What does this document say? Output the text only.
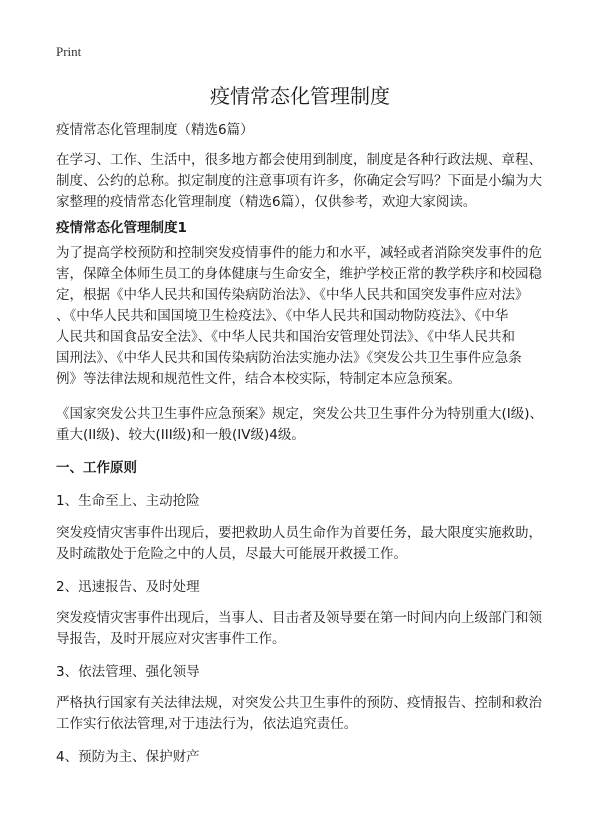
Print
疫情常态化管理制度
疫情常态化管理制度（精选6篇）
在学习、工作、生活中，很多地方都会使用到制度，制度是各种行政法规、章程、
制度、公约的总称。拟定制度的注意事项有许多，你确定会写吗？下面是小编为大
家整理的疫情常态化管理制度（精选6篇），仅供参考，欢迎大家阅读。
疫情常态化管理制度1
为了提高学校预防和控制突发疫情事件的能力和水平，减轻或者消除突发事件的危
害，保障全体师生员工的身体健康与生命安全，维护学校正常的教学秩序和校园稳
定，根据《中华人民共和国传染病防治法》、《中华人民共和国突发事件应对法》
、《中华人民共和国国境卫生检疫法》、《中华人民共和国动物防疫法》、《中华
人民共和国食品安全法》、《中华人民共和国治安管理处罚法》、《中华人民共和
国刑法》、《中华人民共和国传染病防治法实施办法》《突发公共卫生事件应急条
例》等法律法规和规范性文件，结合本校实际，特制定本应急预案。
《国家突发公共卫生事件应急预案》规定，突发公共卫生事件分为特别重大(I级)、
重大(II级)、较大(III级)和一般(IV级)4级。
一、工作原则
1、生命至上、主动抢险
突发疫情灾害事件出现后，要把救助人员生命作为首要任务，最大限度实施救助，
及时疏散处于危险之中的人员，尽最大可能展开救援工作。
2、迅速报告、及时处理
突发疫情灾害事件出现后，当事人、目击者及领导要在第一时间内向上级部门和领
导报告，及时开展应对灾害事件工作。
3、依法管理、强化领导
严格执行国家有关法律法规，对突发公共卫生事件的预防、疫情报告、控制和救治
工作实行依法管理,对于违法行为，依法追究责任。
4、预防为主、保护财产
